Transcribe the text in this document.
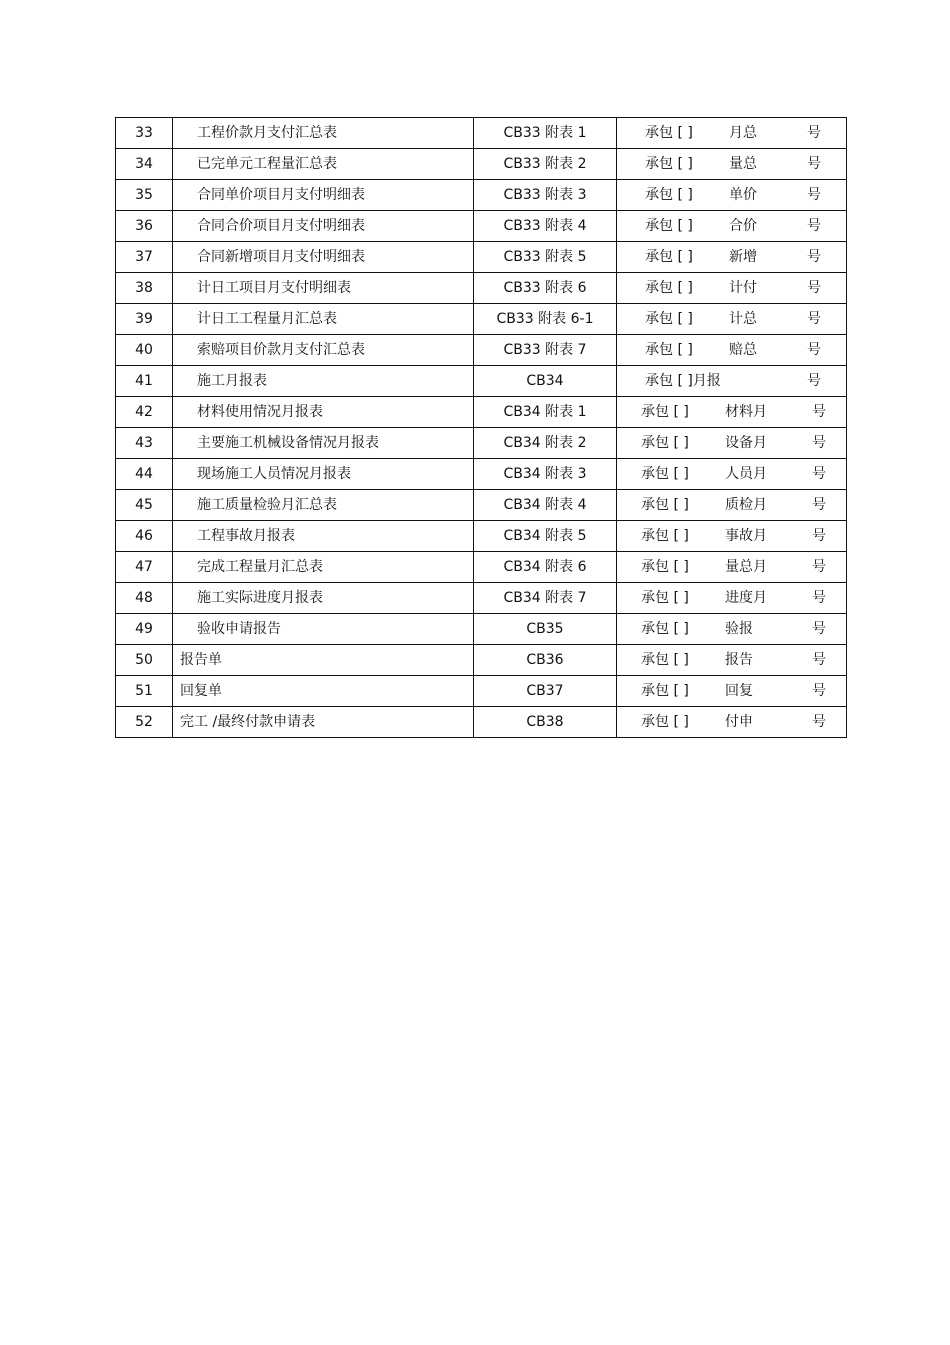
33	工程价款月支付汇总表	CB33 附表 1	承包 [ ] 月总 号

34	已完单元工程量汇总表	CB33 附表 2	承包 [ ] 量总 号

35	合同单价项目月支付明细表	CB33 附表 3	承包 [ ] 单价 号

36	合同合价项目月支付明细表	CB33 附表 4	承包 [ ] 合价 号

37	合同新增项目月支付明细表	CB33 附表 5	承包 [ ] 新增 号

38	计日工项目月支付明细表	CB33 附表 6	承包 [ ] 计付 号

39	计日工工程量月汇总表	CB33 附表 6-1	承包 [ ] 计总 号

40	索赔项目价款月支付汇总表	CB33 附表 7	承包 [ ] 赔总 号

41	施工月报表	CB34	承包 [ ]月报 号

42	材料使用情况月报表	CB34 附表 1	承包 [ ] 材料月 号

43	主要施工机械设备情况月报表	CB34 附表 2	承包 [ ] 设备月 号

44	现场施工人员情况月报表	CB34 附表 3	承包 [ ] 人员月 号

45	施工质量检验月汇总表	CB34 附表 4	承包 [ ] 质检月 号

46	工程事故月报表	CB34 附表 5	承包 [ ] 事故月 号

47	完成工程量月汇总表	CB34 附表 6	承包 [ ] 量总月 号

48	施工实际进度月报表	CB34 附表 7	承包 [ ] 进度月 号

49	验收申请报告	CB35	承包 [ ] 验报 号

50	报告单	CB36	承包 [ ] 报告 号

51	回复单	CB37	承包 [ ] 回复 号

52	完工 /最终付款申请表	CB38	承包 [ ] 付申 号
